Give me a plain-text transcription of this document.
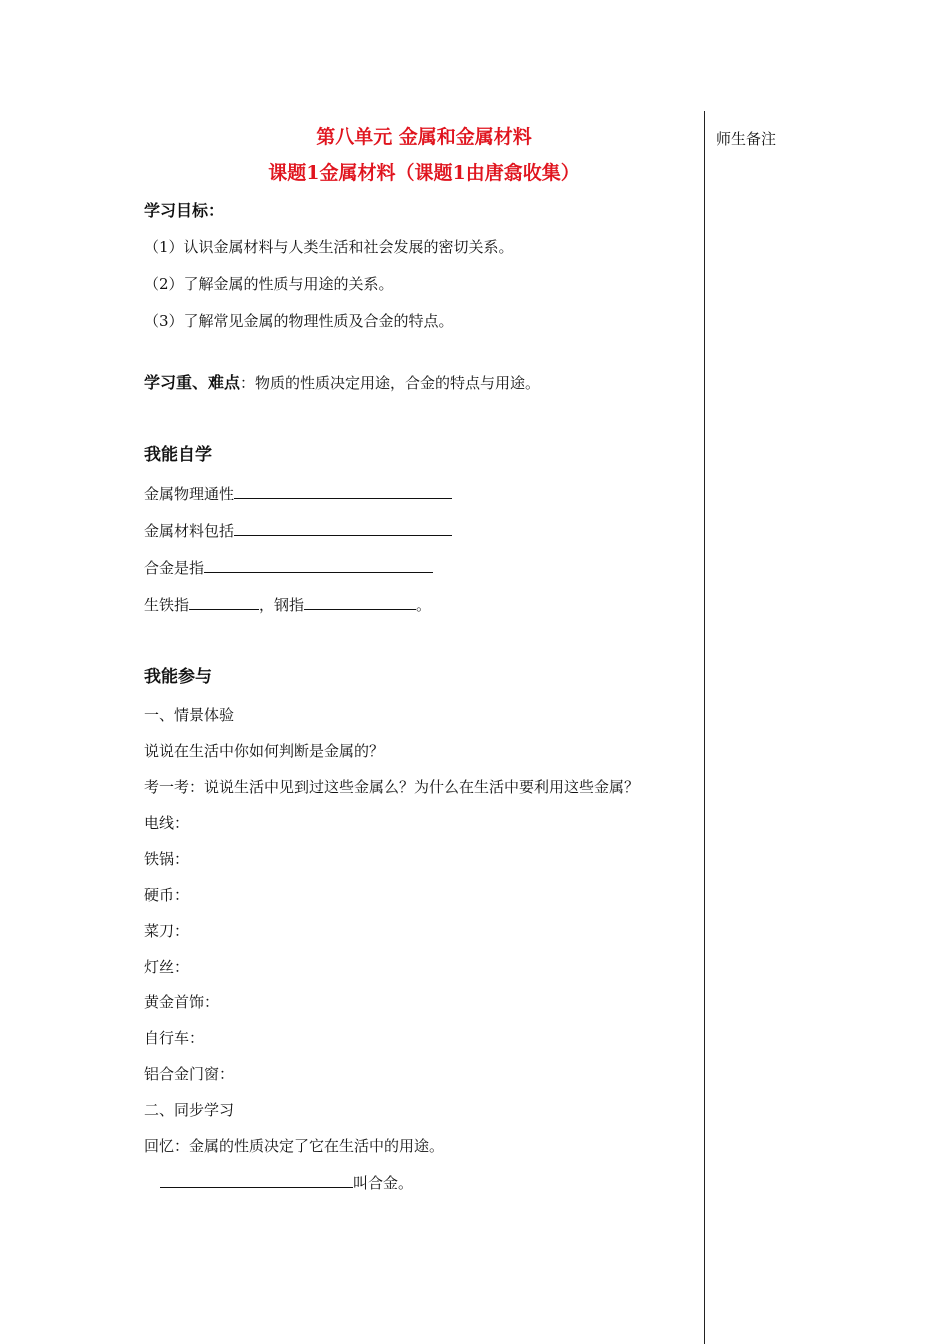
师生备注
第八单元 金属和金属材料
课题1金属材料（课题1由唐翕收集）
学习目标：
（1）认识金属材料与人类生活和社会发展的密切关系。
（2）了解金属的性质与用途的关系。
（3）了解常见金属的物理性质及合金的特点。
学习重、难点：物质的性质决定用途，合金的特点与用途。
我能自学
金属物理通性
金属材料包括
合金是指
生铁指	，钢指	。
我能参与
一、情景体验
说说在生活中你如何判断是金属的？
考一考：说说生活中见到过这些金属么？为什么在生活中要利用这些金属？
电线：
铁锅：
硬币：
菜刀：
灯丝：
黄金首饰：
自行车：
铝合金门窗：
二、同步学习
回忆：金属的性质决定了它在生活中的用途。
叫合金。
